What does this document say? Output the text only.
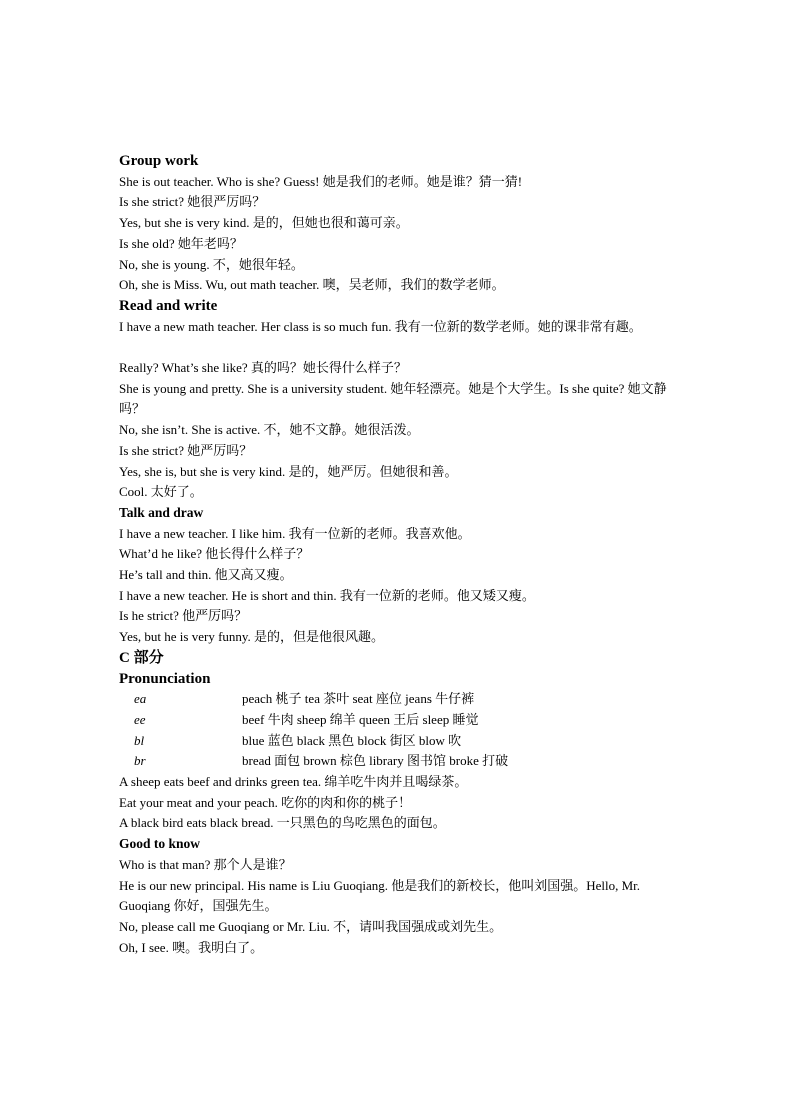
Group work
She is out teacher. Who is she? Guess! 她是我们的老师。她是谁？猜一猜!
Is she strict? 她很严厉吗？
Yes, but she is very kind. 是的，但她也很和蔼可亲。
Is she old? 她年老吗？
No, she is young. 不，她很年轻。
Oh, she is Miss. Wu, out math teacher. 噢，吴老师，我们的数学老师。
Read and write
I have a new math teacher. Her class is so much fun. 我有一位新的数学老师。她的课非常有趣。
Really? What’s she like? 真的吗？她长得什么样子？
She is young and pretty. She is a university student. 她年轻漂亮。她是个大学生。Is she quite? 她文静吗？
No, she isn’t. She is active. 不，她不文静。她很活泼。
Is she strict? 她严厉吗？
Yes, she is, but she is very kind. 是的，她严厉。但她很和善。
Cool. 太好了。
Talk and draw
I have a new teacher. I like him. 我有一位新的老师。我喜欢他。
What’d he like? 他长得什么样子？
He’s tall and thin. 他又高又瘦。
I have a new teacher. He is short and thin. 我有一位新的老师。他又矮又瘦。
Is he strict? 他严厉吗？
Yes, but he is very funny. 是的，但是他很风趣。
C 部分
Pronunciation
ea	peach 桃子 tea 茶叶 seat 座位 jeans 牛仔裤
ee	beef 牛肉 sheep 绵羊 queen 王后 sleep 睡觉
bl	blue 蓝色 black 黑色 block 街区 blow 吹
br	bread 面包 brown 棕色 library 图书馆 broke 打破
A sheep eats beef and drinks green tea. 绵羊吃牛肉并且喝绿茶。
Eat your meat and your peach. 吃你的肉和你的桃子！
A black bird eats black bread. 一只黑色的鸟吃黑色的面包。
Good to know
Who is that man? 那个人是谁？
He is our new principal. His name is Liu Guoqiang. 他是我们的新校长，他叫刘国强。Hello, Mr. Guoqiang 你好，国强先生。
No, please call me Guoqiang or Mr. Liu. 不，请叫我国强成或刘先生。
Oh, I see. 噢。我明白了。
